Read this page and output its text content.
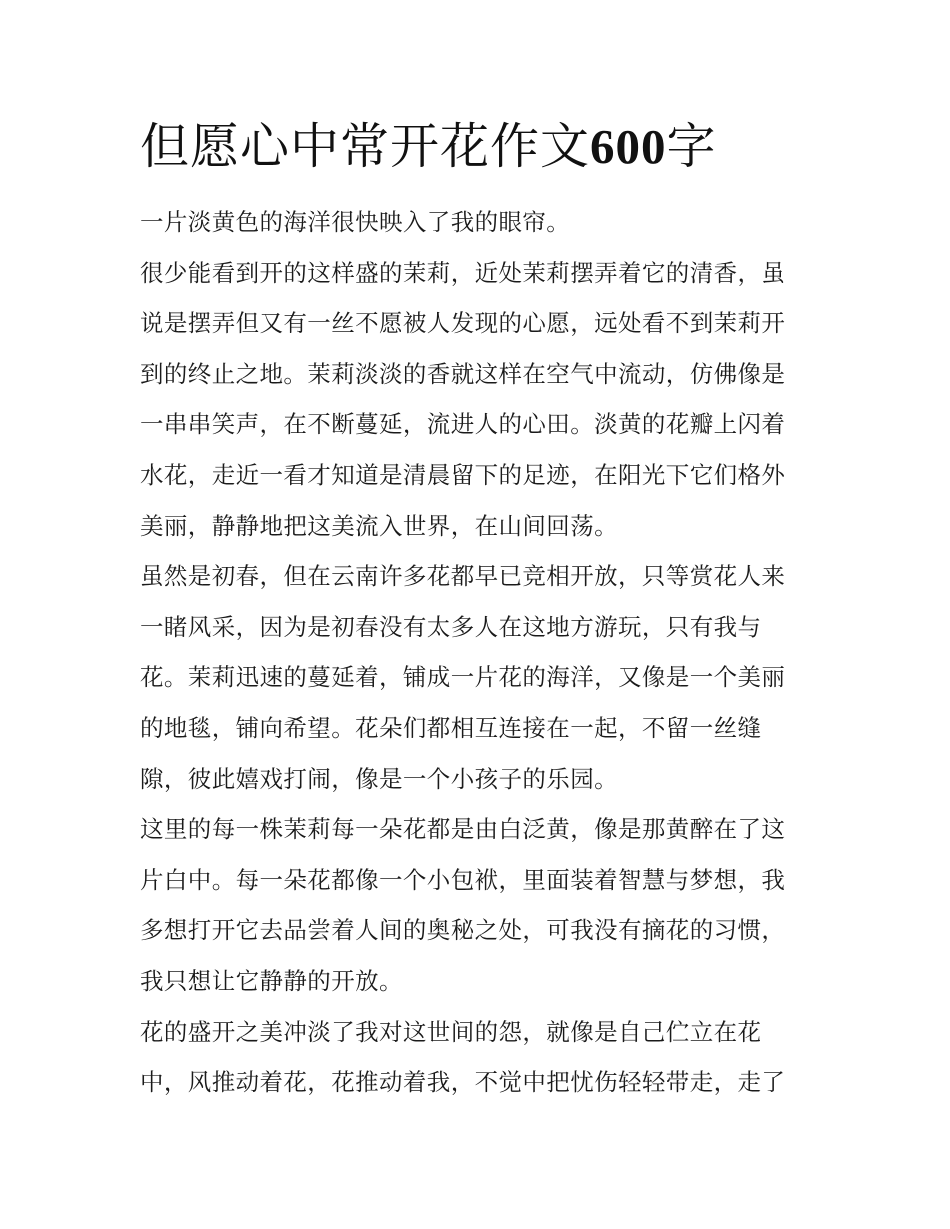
但愿心中常开花作文600字

一片淡黄色的海洋很快映入了我的眼帘。

很少能看到开的这样盛的茉莉，近处茉莉摆弄着它的清香，虽

说是摆弄但又有一丝不愿被人发现的心愿，远处看不到茉莉开

到的终止之地。茉莉淡淡的香就这样在空气中流动，仿佛像是

一串串笑声，在不断蔓延，流进人的心田。淡黄的花瓣上闪着

水花，走近一看才知道是清晨留下的足迹，在阳光下它们格外

美丽，静静地把这美流入世界，在山间回荡。

虽然是初春，但在云南许多花都早已竞相开放，只等赏花人来

一睹风采，因为是初春没有太多人在这地方游玩，只有我与

花。茉莉迅速的蔓延着，铺成一片花的海洋，又像是一个美丽

的地毯，铺向希望。花朵们都相互连接在一起，不留一丝缝

隙，彼此嬉戏打闹，像是一个小孩子的乐园。

这里的每一株茉莉每一朵花都是由白泛黄，像是那黄醉在了这

片白中。每一朵花都像一个小包袱，里面装着智慧与梦想，我

多想打开它去品尝着人间的奥秘之处，可我没有摘花的习惯，

我只想让它静静的开放。

花的盛开之美冲淡了我对这世间的怨，就像是自己伫立在花

中，风推动着花，花推动着我，不觉中把忧伤轻轻带走，走了
